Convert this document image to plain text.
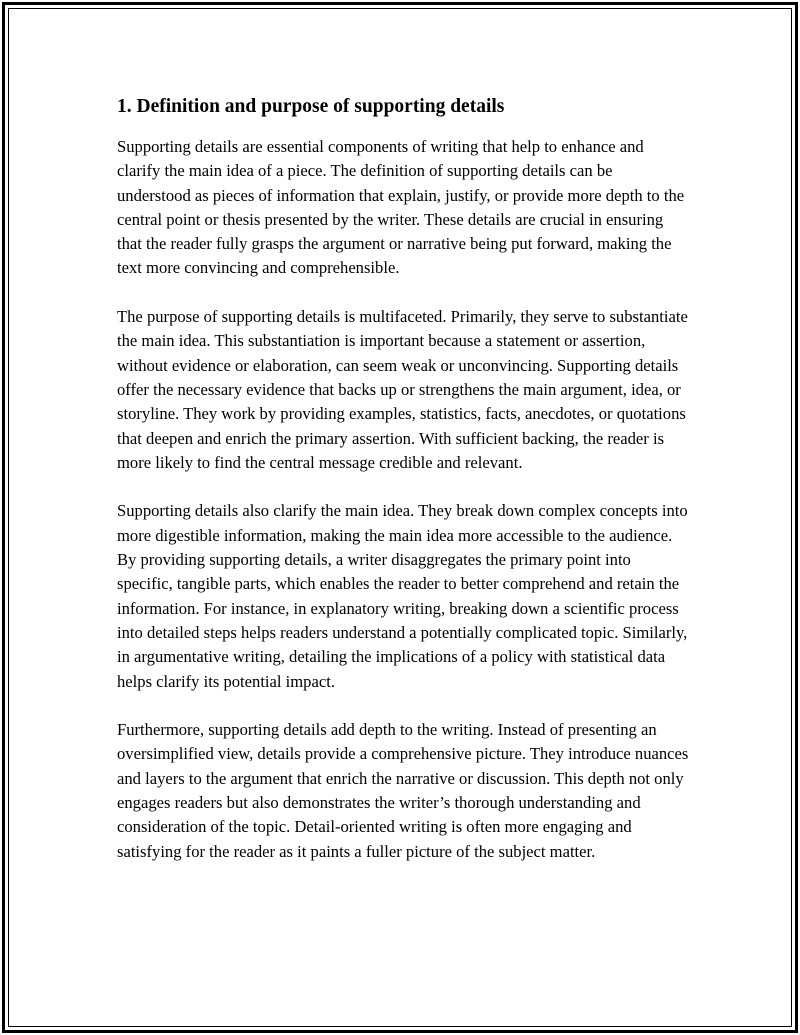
1. Definition and purpose of supporting details

Supporting details are essential components of writing that help to enhance and clarify the main idea of a piece. The definition of supporting details can be understood as pieces of information that explain, justify, or provide more depth to the central point or thesis presented by the writer. These details are crucial in ensuring that the reader fully grasps the argument or narrative being put forward, making the text more convincing and comprehensible.

The purpose of supporting details is multifaceted. Primarily, they serve to substantiate the main idea. This substantiation is important because a statement or assertion, without evidence or elaboration, can seem weak or unconvincing. Supporting details offer the necessary evidence that backs up or strengthens the main argument, idea, or storyline. They work by providing examples, statistics, facts, anecdotes, or quotations that deepen and enrich the primary assertion. With sufficient backing, the reader is more likely to find the central message credible and relevant.

Supporting details also clarify the main idea. They break down complex concepts into more digestible information, making the main idea more accessible to the audience. By providing supporting details, a writer disaggregates the primary point into specific, tangible parts, which enables the reader to better comprehend and retain the information. For instance, in explanatory writing, breaking down a scientific process into detailed steps helps readers understand a potentially complicated topic. Similarly, in argumentative writing, detailing the implications of a policy with statistical data helps clarify its potential impact.

Furthermore, supporting details add depth to the writing. Instead of presenting an oversimplified view, details provide a comprehensive picture. They introduce nuances and layers to the argument that enrich the narrative or discussion. This depth not only engages readers but also demonstrates the writer’s thorough understanding and consideration of the topic. Detail-oriented writing is often more engaging and satisfying for the reader as it paints a fuller picture of the subject matter.
